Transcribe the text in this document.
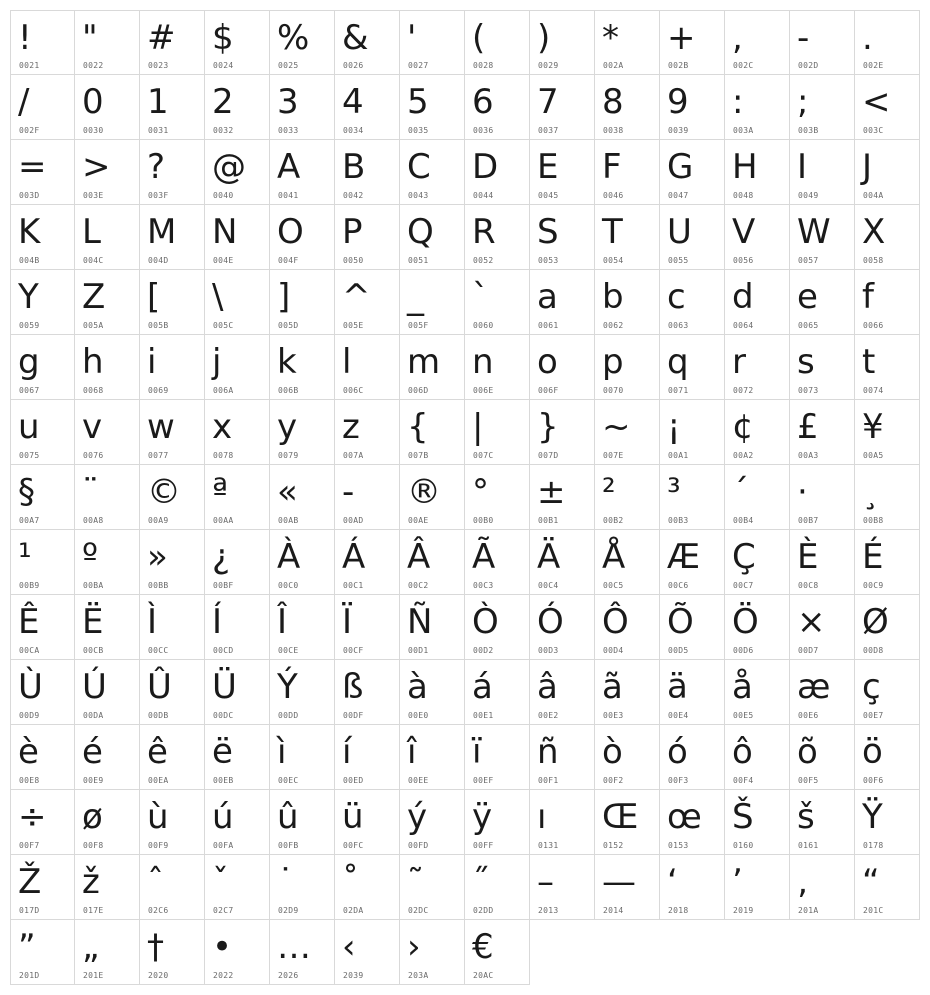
!
0021
"
0022
#
0023
$
0024
%
0025
&
0026
'
0027
(
0028
)
0029
*
002A
+
002B
,
002C
-
002D
.
002E
/
002F
0
0030
1
0031
2
0032
3
0033
4
0034
5
0035
6
0036
7
0037
8
0038
9
0039
:
003A
;
003B
<
003C
=
003D
>
003E
?
003F
@
0040
A
0041
B
0042
C
0043
D
0044
E
0045
F
0046
G
0047
H
0048
I
0049
J
004A
K
004B
L
004C
M
004D
N
004E
O
004F
P
0050
Q
0051
R
0052
S
0053
T
0054
U
0055
V
0056
W
0057
X
0058
Y
0059
Z
005A
[
005B
\
005C
]
005D
^
005E
_
005F
`
0060
a
0061
b
0062
c
0063
d
0064
e
0065
f
0066
g
0067
h
0068
i
0069
j
006A
k
006B
l
006C
m
006D
n
006E
o
006F
p
0070
q
0071
r
0072
s
0073
t
0074
u
0075
v
0076
w
0077
x
0078
y
0079
z
007A
{
007B
|
007C
}
007D
~
007E
¡
00A1
¢
00A2
£
00A3
¥
00A5
§
00A7
¨
00A8
©
00A9
ª
00AA
«
00AB
-
00AD
®
00AE
°
00B0
±
00B1
²
00B2
³
00B3
´
00B4
·
00B7
¸
00B8
¹
00B9
º
00BA
»
00BB
¿
00BF
À
00C0
Á
00C1
Â
00C2
Ã
00C3
Ä
00C4
Å
00C5
Æ
00C6
Ç
00C7
È
00C8
É
00C9
Ê
00CA
Ë
00CB
Ì
00CC
Í
00CD
Î
00CE
Ï
00CF
Ñ
00D1
Ò
00D2
Ó
00D3
Ô
00D4
Õ
00D5
Ö
00D6
×
00D7
Ø
00D8
Ù
00D9
Ú
00DA
Û
00DB
Ü
00DC
Ý
00DD
ß
00DF
à
00E0
á
00E1
â
00E2
ã
00E3
ä
00E4
å
00E5
æ
00E6
ç
00E7
è
00E8
é
00E9
ê
00EA
ë
00EB
ì
00EC
í
00ED
î
00EE
ï
00EF
ñ
00F1
ò
00F2
ó
00F3
ô
00F4
õ
00F5
ö
00F6
÷
00F7
ø
00F8
ù
00F9
ú
00FA
û
00FB
ü
00FC
ý
00FD
ÿ
00FF
ı
0131
Œ
0152
œ
0153
Š
0160
š
0161
Ÿ
0178
Ž
017D
ž
017E
ˆ
02C6
ˇ
02C7
˙
02D9
˚
02DA
˜
02DC
˝
02DD
–
2013
—
2014
‘
2018
’
2019
‚
201A
“
201C
”
201D
„
201E
†
2020
•
2022
…
2026
‹
2039
›
203A
€
20AC
